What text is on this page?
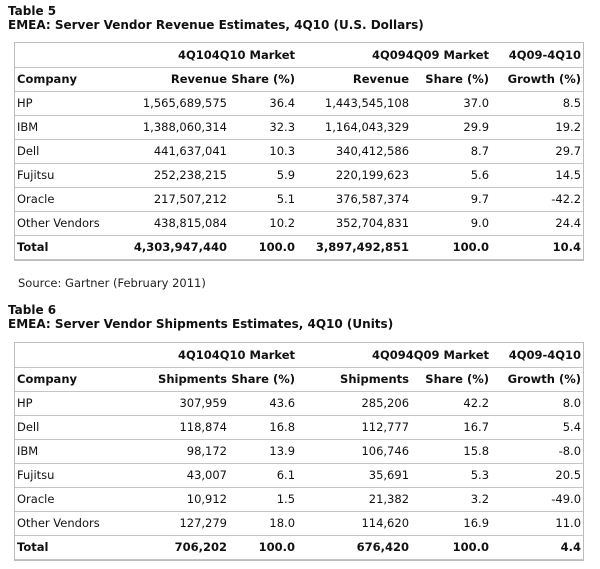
Table 5
EMEA: Server Vendor Revenue Estimates, 4Q10 (U.S. Dollars)
	4Q104Q10 Market		4Q094Q09 Market		4Q09-4Q10
Company	Revenue	Share (%)	Revenue	Share (%)	Growth (%)
HP	1,565,689,575	36.4	1,443,545,108	37.0	8.5
IBM	1,388,060,314	32.3	1,164,043,329	29.9	19.2
Dell	441,637,041	10.3	340,412,586	8.7	29.7
Fujitsu	252,238,215	5.9	220,199,623	5.6	14.5
Oracle	217,507,212	5.1	376,587,374	9.7	-42.2
Other Vendors	438,815,084	10.2	352,704,831	9.0	24.4
Total	4,303,947,440	100.0	3,897,492,851	100.0	10.4
Source: Gartner (February 2011)
Table 6
EMEA: Server Vendor Shipments Estimates, 4Q10 (Units)
	4Q104Q10 Market		4Q094Q09 Market		4Q09-4Q10
Company	Shipments	Share (%)	Shipments	Share (%)	Growth (%)
HP	307,959	43.6	285,206	42.2	8.0
Dell	118,874	16.8	112,777	16.7	5.4
IBM	98,172	13.9	106,746	15.8	-8.0
Fujitsu	43,007	6.1	35,691	5.3	20.5
Oracle	10,912	1.5	21,382	3.2	-49.0
Other Vendors	127,279	18.0	114,620	16.9	11.0
Total	706,202	100.0	676,420	100.0	4.4
